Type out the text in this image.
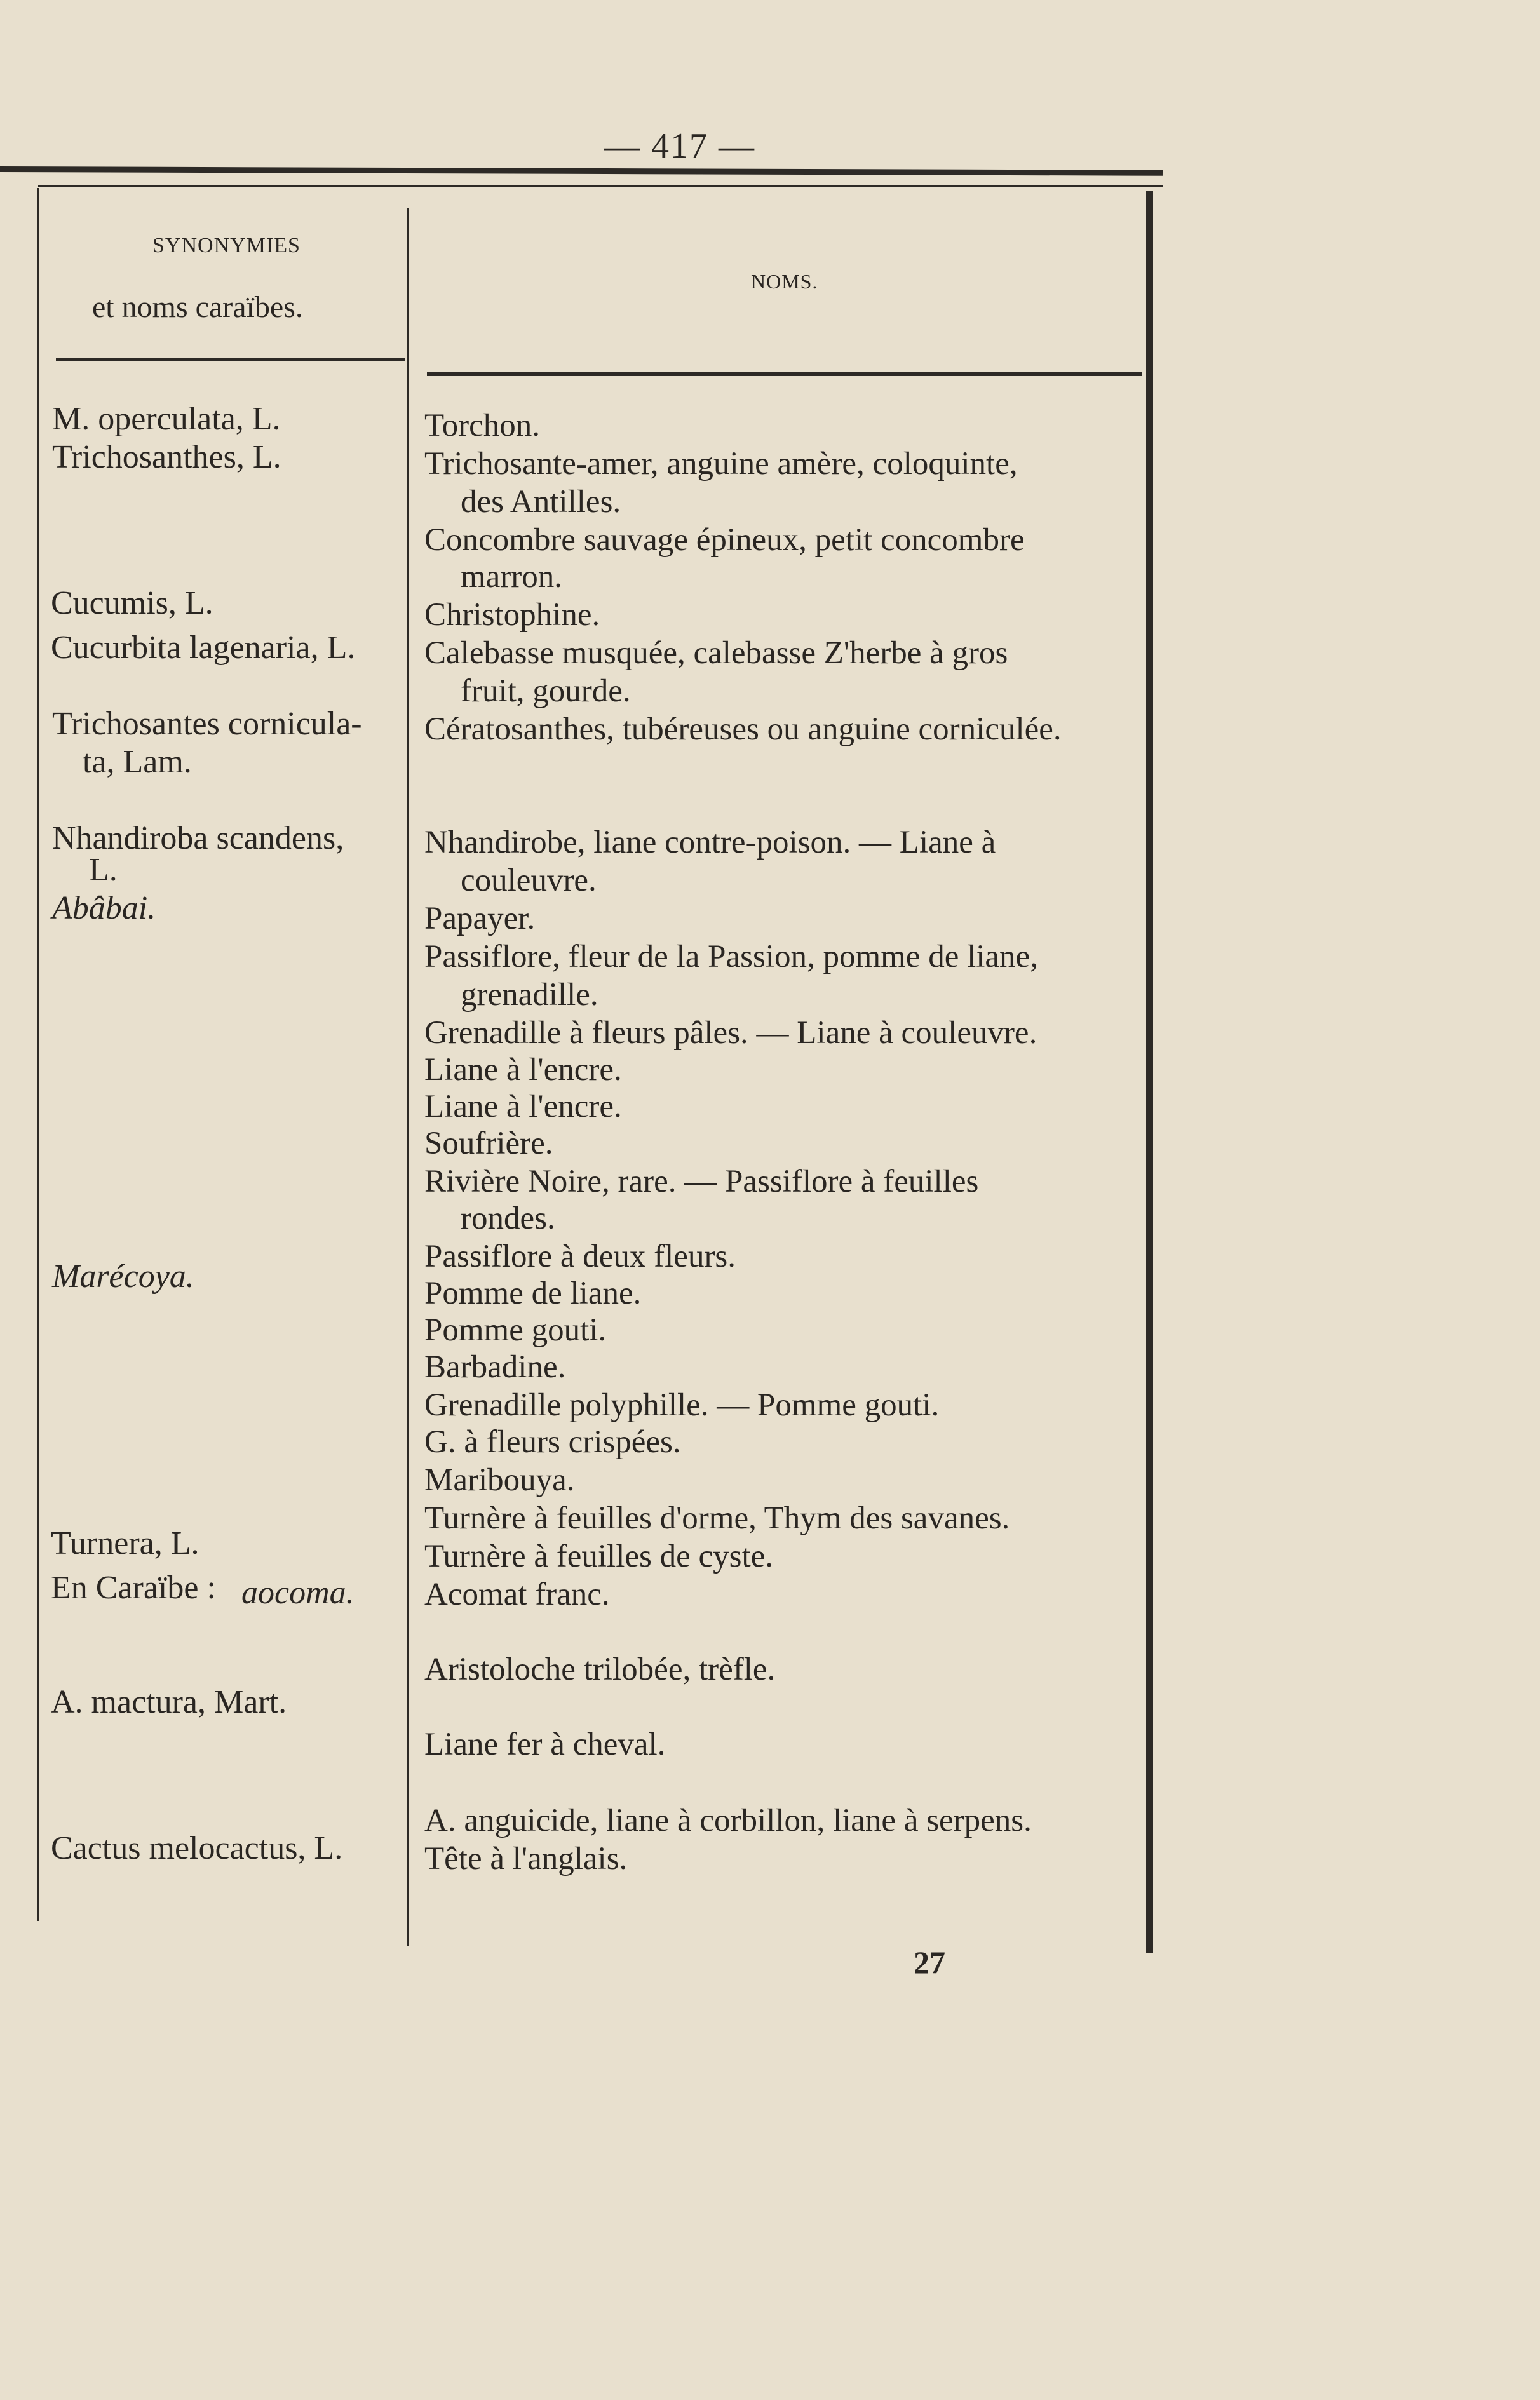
— 417 —
SYNONYMIES
et noms caraïbes.
NOMS.
M. operculata, L.
Trichosanthes, L.
Cucumis, L.
Cucurbita lagenaria, L.
Trichosantes cornicula-
ta, Lam.
Nhandiroba scandens,
L.
Abâbai.
Marécoya.
Turnera, L.
En Caraïbe : aocoma.
A. mactura, Mart.
Cactus melocactus, L.
Torchon.
Trichosante-amer, anguine amère, coloquinte,
des Antilles.
Concombre sauvage épineux, petit concombre
marron.
Christophine.
Calebasse musquée, calebasse Z'herbe à gros
fruit, gourde.
Cératosanthes, tubéreuses ou anguine corniculée.
Nhandirobe, liane contre-poison. — Liane à
couleuvre.
Papayer.
Passiflore, fleur de la Passion, pomme de liane,
grenadille.
Grenadille à fleurs pâles. — Liane à couleuvre.
Liane à l'encre.
Liane à l'encre.
Soufrière.
Rivière Noire, rare. — Passiflore à feuilles
rondes.
Passiflore à deux fleurs.
Pomme de liane.
Pomme gouti.
Barbadine.
Grenadille polyphille. — Pomme gouti.
G. à fleurs crispées.
Maribouya.
Turnère à feuilles d'orme, Thym des savanes.
Turnère à feuilles de cyste.
Acomat franc.
Aristoloche trilobée, trèfle.
Liane fer à cheval.
A. anguicide, liane à corbillon, liane à serpens.
Tête à l'anglais.
27
